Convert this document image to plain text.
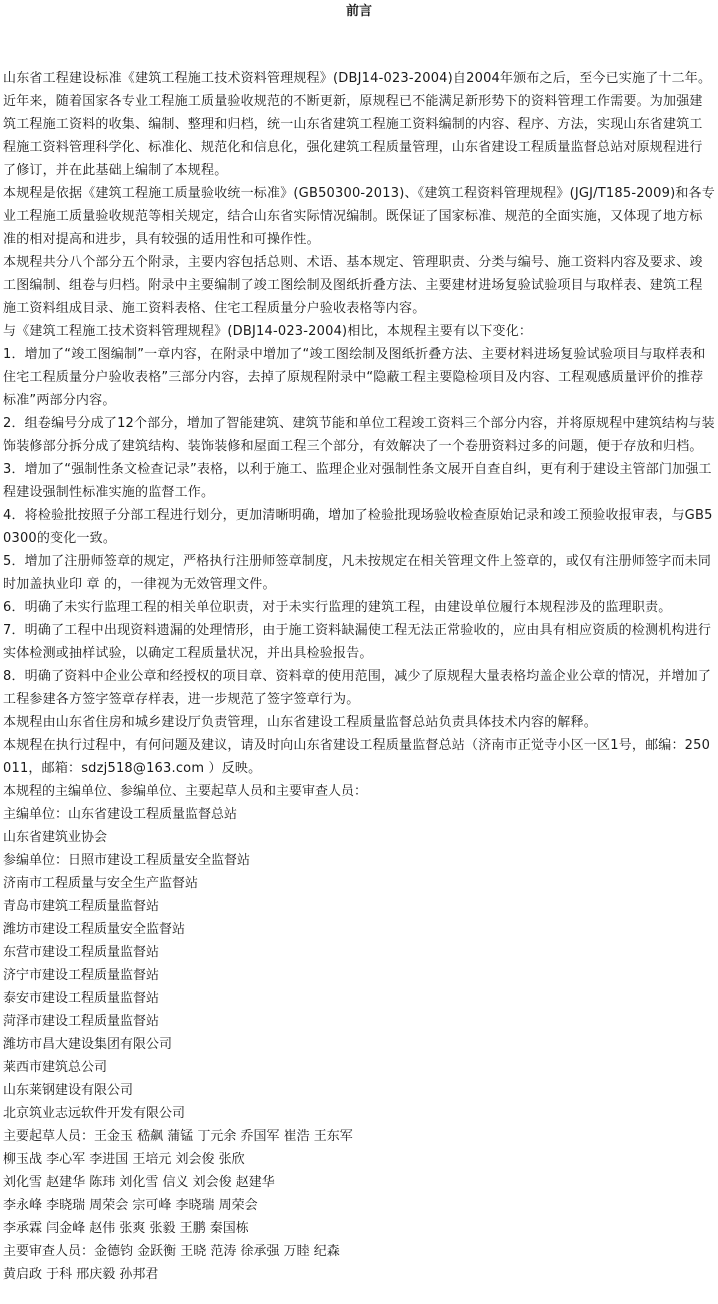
前言

山东省工程建设标准《建筑工程施工技术资料管理规程》(DBJ14-023-2004)自2004年颁布之后，至今已实施了十二年。近年来，随着国家各专业工程施工质量验收规范的不断更新，原规程已不能满足新形势下的资料管理工作需要。为加强建筑工程施工资料的收集、编制、整理和归档，统一山东省建筑工程施工资料编制的内容、程序、方法，实现山东省建筑工程施工资料管理科学化、标准化、规范化和信息化，强化建筑工程质量管理，山东省建设工程质量监督总站对原规程进行了修订，并在此基础上编制了本规程。

本规程是依据《建筑工程施工质量验收统一标准》(GB50300-2013)、《建筑工程资料管理规程》(JGJ/T185-2009)和各专业工程施工质量验收规范等相关规定，结合山东省实际情况编制。既保证了国家标准、规范的全面实施，又体现了地方标准的相对提高和进步，具有较强的适用性和可操作性。

本规程共分八个部分五个附录，主要内容包括总则、术语、基本规定、管理职责、分类与编号、施工资料内容及要求、竣工图编制、组卷与归档。附录中主要编制了竣工图绘制及图纸折叠方法、主要建材进场复验试验项目与取样表、建筑工程施工资料组成目录、施工资料表格、住宅工程质量分户验收表格等内容。

与《建筑工程施工技术资料管理规程》(DBJ14-023-2004)相比，本规程主要有以下变化：

1．增加了“竣工图编制”一章内容，在附录中增加了“竣工图绘制及图纸折叠方法、主要材料进场复验试验项目与取样表和住宅工程质量分户验收表格”三部分内容，去掉了原规程附录中“隐蔽工程主要隐检项目及内容、工程观感质量评价的推荐标准”两部分内容。

2．组卷编号分成了12个部分，增加了智能建筑、建筑节能和单位工程竣工资料三个部分内容，并将原规程中建筑结构与装饰装修部分拆分成了建筑结构、装饰装修和屋面工程三个部分，有效解决了一个卷册资料过多的问题，便于存放和归档。

3．增加了“强制性条文检查记录”表格，以利于施工、监理企业对强制性条文展开自查自纠，更有利于建设主管部门加强工程建设强制性标准实施的监督工作。

4．将检验批按照子分部工程进行划分，更加清晰明确，增加了检验批现场验收检查原始记录和竣工预验收报审表，与GB50300的变化一致。

5．增加了注册师签章的规定，严格执行注册师签章制度，凡未按规定在相关管理文件上签章的，或仅有注册师签字而未同时加盖执业印 章 的，一律视为无效管理文件。

6．明确了未实行监理工程的相关单位职责，对于未实行监理的建筑工程，由建设单位履行本规程涉及的监理职责。

7．明确了工程中出现资料遗漏的处理情形，由于施工资料缺漏使工程无法正常验收的，应由具有相应资质的检测机构进行实体检测或抽样试验，以确定工程质量状况，并出具检验报告。

8．明确了资料中企业公章和经授权的项目章、资料章的使用范围，减少了原规程大量表格均盖企业公章的情况，并增加了工程参建各方签字签章存样表，进一步规范了签字签章行为。

本规程由山东省住房和城乡建设厅负责管理，山东省建设工程质量监督总站负责具体技术内容的解释。

本规程在执行过程中，有何问题及建议，请及时向山东省建设工程质量监督总站（济南市正觉寺小区一区1号，邮编：250011，邮箱：sdzj518@163.com ）反映。

本规程的主编单位、参编单位、主要起草人员和主要审查人员：

主编单位：山东省建设工程质量监督总站

山东省建筑业协会

参编单位：日照市建设工程质量安全监督站

济南市工程质量与安全生产监督站

青岛市建筑工程质量监督站

潍坊市建设工程质量安全监督站

东营市建设工程质量监督站

济宁市建设工程质量监督站

泰安市建设工程质量监督站

菏泽市建设工程质量监督站

潍坊市昌大建设集团有限公司

莱西市建筑总公司

山东莱钢建设有限公司

北京筑业志远软件开发有限公司

主要起草人员：王金玉 嵇飙 蒲锰 丁元余 乔国军 崔浩 王东军

柳玉战 李心军 李进国 王培元 刘会俊 张欣

刘化雪 赵建华 陈玮 刘化雪 信义 刘会俊 赵建华

李永峰 李晓瑞 周荣会 宗可峰 李晓瑞 周荣会

李承霖 闫金峰 赵伟 张爽 张毅 王鹏 秦国栋

主要审查人员：金德钧 金跃衡 王晓 范涛 徐承强 万睦 纪森

黄启政 于科 邢庆毅 孙邦君
